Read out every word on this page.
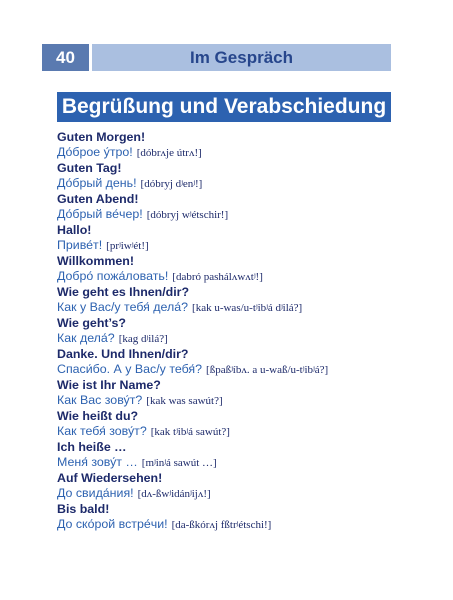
40	Im Gespräch
Begrüßung und Verabschiedung
Guten Morgen!
До́брое у́тро! [dóbrʌje útrʌ!]
Guten Tag!
До́брый день! [dóbryj dʲenʲ!]
Guten Abend!
До́брый ве́чер! [dóbryj wʲétschir!]
Hallo!
Приве́т! [prʲiwʲét!]
Willkommen!
Добро́ пожа́ловать! [dabró pashálʌwʌtʲ!]
Wie geht es Ihnen/dir?
Как у Вас/у тебя́ дела́? [kak u-was/u-tʲibʲá dʲilá?]
Wie geht’s?
Как дела́? [kag dʲilá?]
Danke. Und Ihnen/dir?
Спаси́бо. А у Вас/у тебя́? [ßpaßʲíbʌ. a u-waß/u-tʲibʲá?]
Wie ist Ihr Name?
Как Вас зову́т? [kak was sawút?]
Wie heißt du?
Как тебя́ зову́т? [kak tʲibʲá sawút?]
Ich heiße …
Меня́ зову́т … [mʲinʲá sawút …]
Auf Wiedersehen!
До свида́ния! [dʌ-ßwʲidánʲijʌ!]
Bis bald!
До ско́рой встре́чи! [da-ßkórʌj fßtrʲétschi!]
